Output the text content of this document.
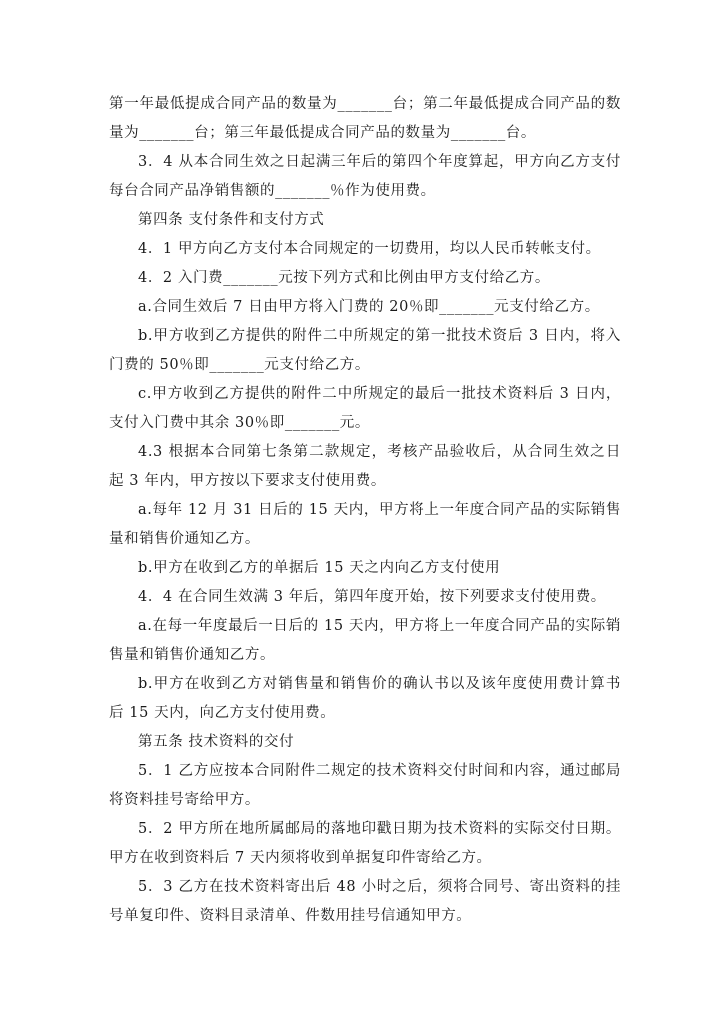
第一年最低提成合同产品的数量为_______台；第二年最低提成合同产品的数量为_______台；第三年最低提成合同产品的数量为_______台。

3．4 从本合同生效之日起满三年后的第四个年度算起，甲方向乙方支付每台合同产品净销售额的_______％作为使用费。

第四条 支付条件和支付方式

4．1 甲方向乙方支付本合同规定的一切费用，均以人民币转帐支付。

4．2 入门费_______元按下列方式和比例由甲方支付给乙方。

a.合同生效后 7 日由甲方将入门费的 20％即_______元支付给乙方。

b.甲方收到乙方提供的附件二中所规定的第一批技术资后 3 日内，将入门费的 50％即_______元支付给乙方。

c.甲方收到乙方提供的附件二中所规定的最后一批技术资料后 3 日内，支付入门费中其余 30％即_______元。

4.3 根据本合同第七条第二款规定，考核产品验收后，从合同生效之日起 3 年内，甲方按以下要求支付使用费。

a.每年 12 月 31 日后的 15 天内，甲方将上一年度合同产品的实际销售量和销售价通知乙方。

b.甲方在收到乙方的单据后 15 天之内向乙方支付使用

4．4 在合同生效满 3 年后，第四年度开始，按下列要求支付使用费。

a.在每一年度最后一日后的 15 天内，甲方将上一年度合同产品的实际销售量和销售价通知乙方。

b.甲方在收到乙方对销售量和销售价的确认书以及该年度使用费计算书后 15 天内，向乙方支付使用费。

第五条 技术资料的交付

5．1 乙方应按本合同附件二规定的技术资料交付时间和内容，通过邮局将资料挂号寄给甲方。

5．2 甲方所在地所属邮局的落地印戳日期为技术资料的实际交付日期。甲方在收到资料后 7 天内须将收到单据复印件寄给乙方。

5．3 乙方在技术资料寄出后 48 小时之后，须将合同号、寄出资料的挂号单复印件、资料目录清单、件数用挂号信通知甲方。
